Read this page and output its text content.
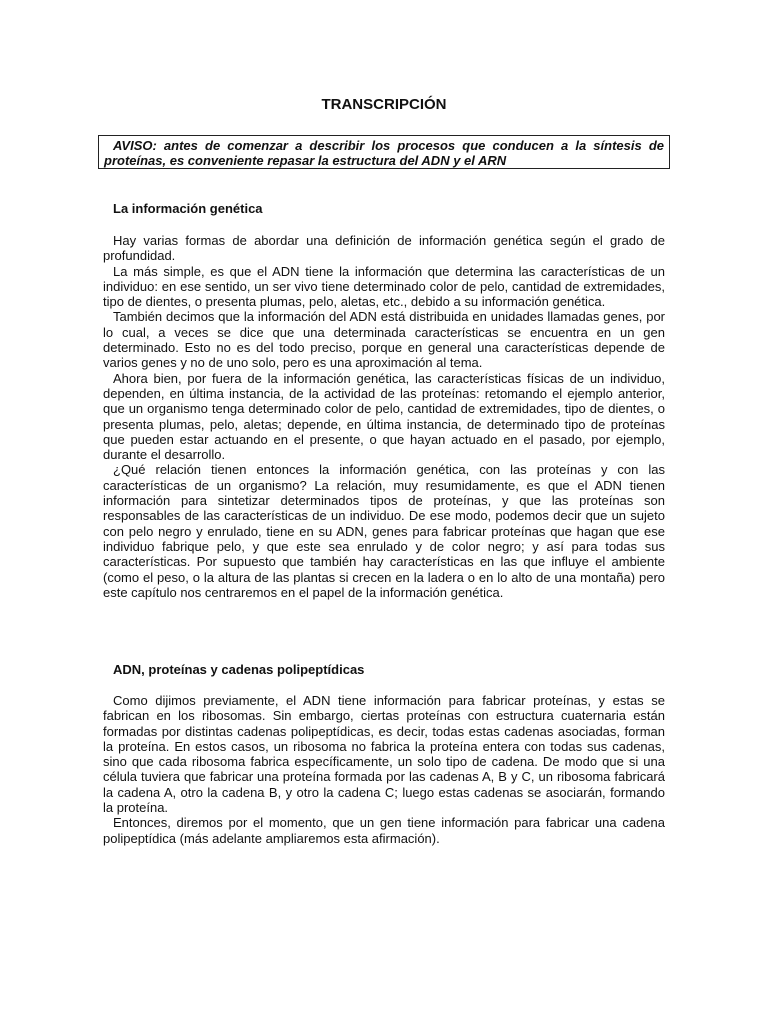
TRANSCRIPCIÓN
AVISO: antes de comenzar a describir los procesos que conducen a la síntesis de proteínas, es conveniente repasar la estructura del ADN y el ARN
La información genética

Hay varias formas de abordar una definición de información genética según el grado de profundidad.

La más simple, es que el ADN tiene la información que determina las características de un individuo: en ese sentido, un ser vivo tiene determinado color de pelo, cantidad de extremidades, tipo de dientes, o presenta plumas, pelo, aletas, etc., debido a su información genética.

También decimos que la información del ADN está distribuida en unidades llamadas genes, por lo cual, a veces se dice que una determinada características se encuentra en un gen determinado. Esto no es del todo preciso, porque en general una características depende de varios genes y no de uno solo, pero es una aproximación al tema.

Ahora bien, por fuera de la información genética, las características físicas de un individuo, dependen, en última instancia, de la actividad de las proteínas: retomando el ejemplo anterior, que un organismo tenga determinado color de pelo, cantidad de extremidades, tipo de dientes, o presenta plumas, pelo, aletas; depende, en última instancia, de determinado tipo de proteínas que pueden estar actuando en el presente, o que hayan actuado en el pasado, por ejemplo, durante el desarrollo.

¿Qué relación tienen entonces la información genética, con las proteínas y con las características de un organismo? La relación, muy resumidamente, es que el ADN tienen información para sintetizar determinados tipos de proteínas, y que las proteínas son responsables de las características de un individuo. De ese modo, podemos decir que un sujeto con pelo negro y enrulado, tiene en su ADN, genes para fabricar proteínas que hagan que ese individuo fabrique pelo, y que este sea enrulado y de color negro; y así para todas sus características. Por supuesto que también hay características en las que influye el ambiente (como el peso, o la altura de las plantas si crecen en la ladera o en lo alto de una montaña) pero este capítulo nos centraremos en el papel de la información genética.

ADN, proteínas y cadenas polipeptídicas

Como dijimos previamente, el ADN tiene información para fabricar proteínas, y estas se fabrican en los ribosomas. Sin embargo, ciertas proteínas con estructura cuaternaria están formadas por distintas cadenas polipeptídicas, es decir, todas estas cadenas asociadas, forman la proteína. En estos casos, un ribosoma no fabrica la proteína entera con todas sus cadenas, sino que cada ribosoma fabrica específicamente, un solo tipo de cadena. De modo que si una célula tuviera que fabricar una proteína formada por las cadenas A, B y C, un ribosoma fabricará la cadena A, otro la cadena B, y otro la cadena C; luego estas cadenas se asociarán, formando la proteína.

Entonces, diremos por el momento, que un gen tiene información para fabricar una cadena polipeptídica (más adelante ampliaremos esta afirmación).
